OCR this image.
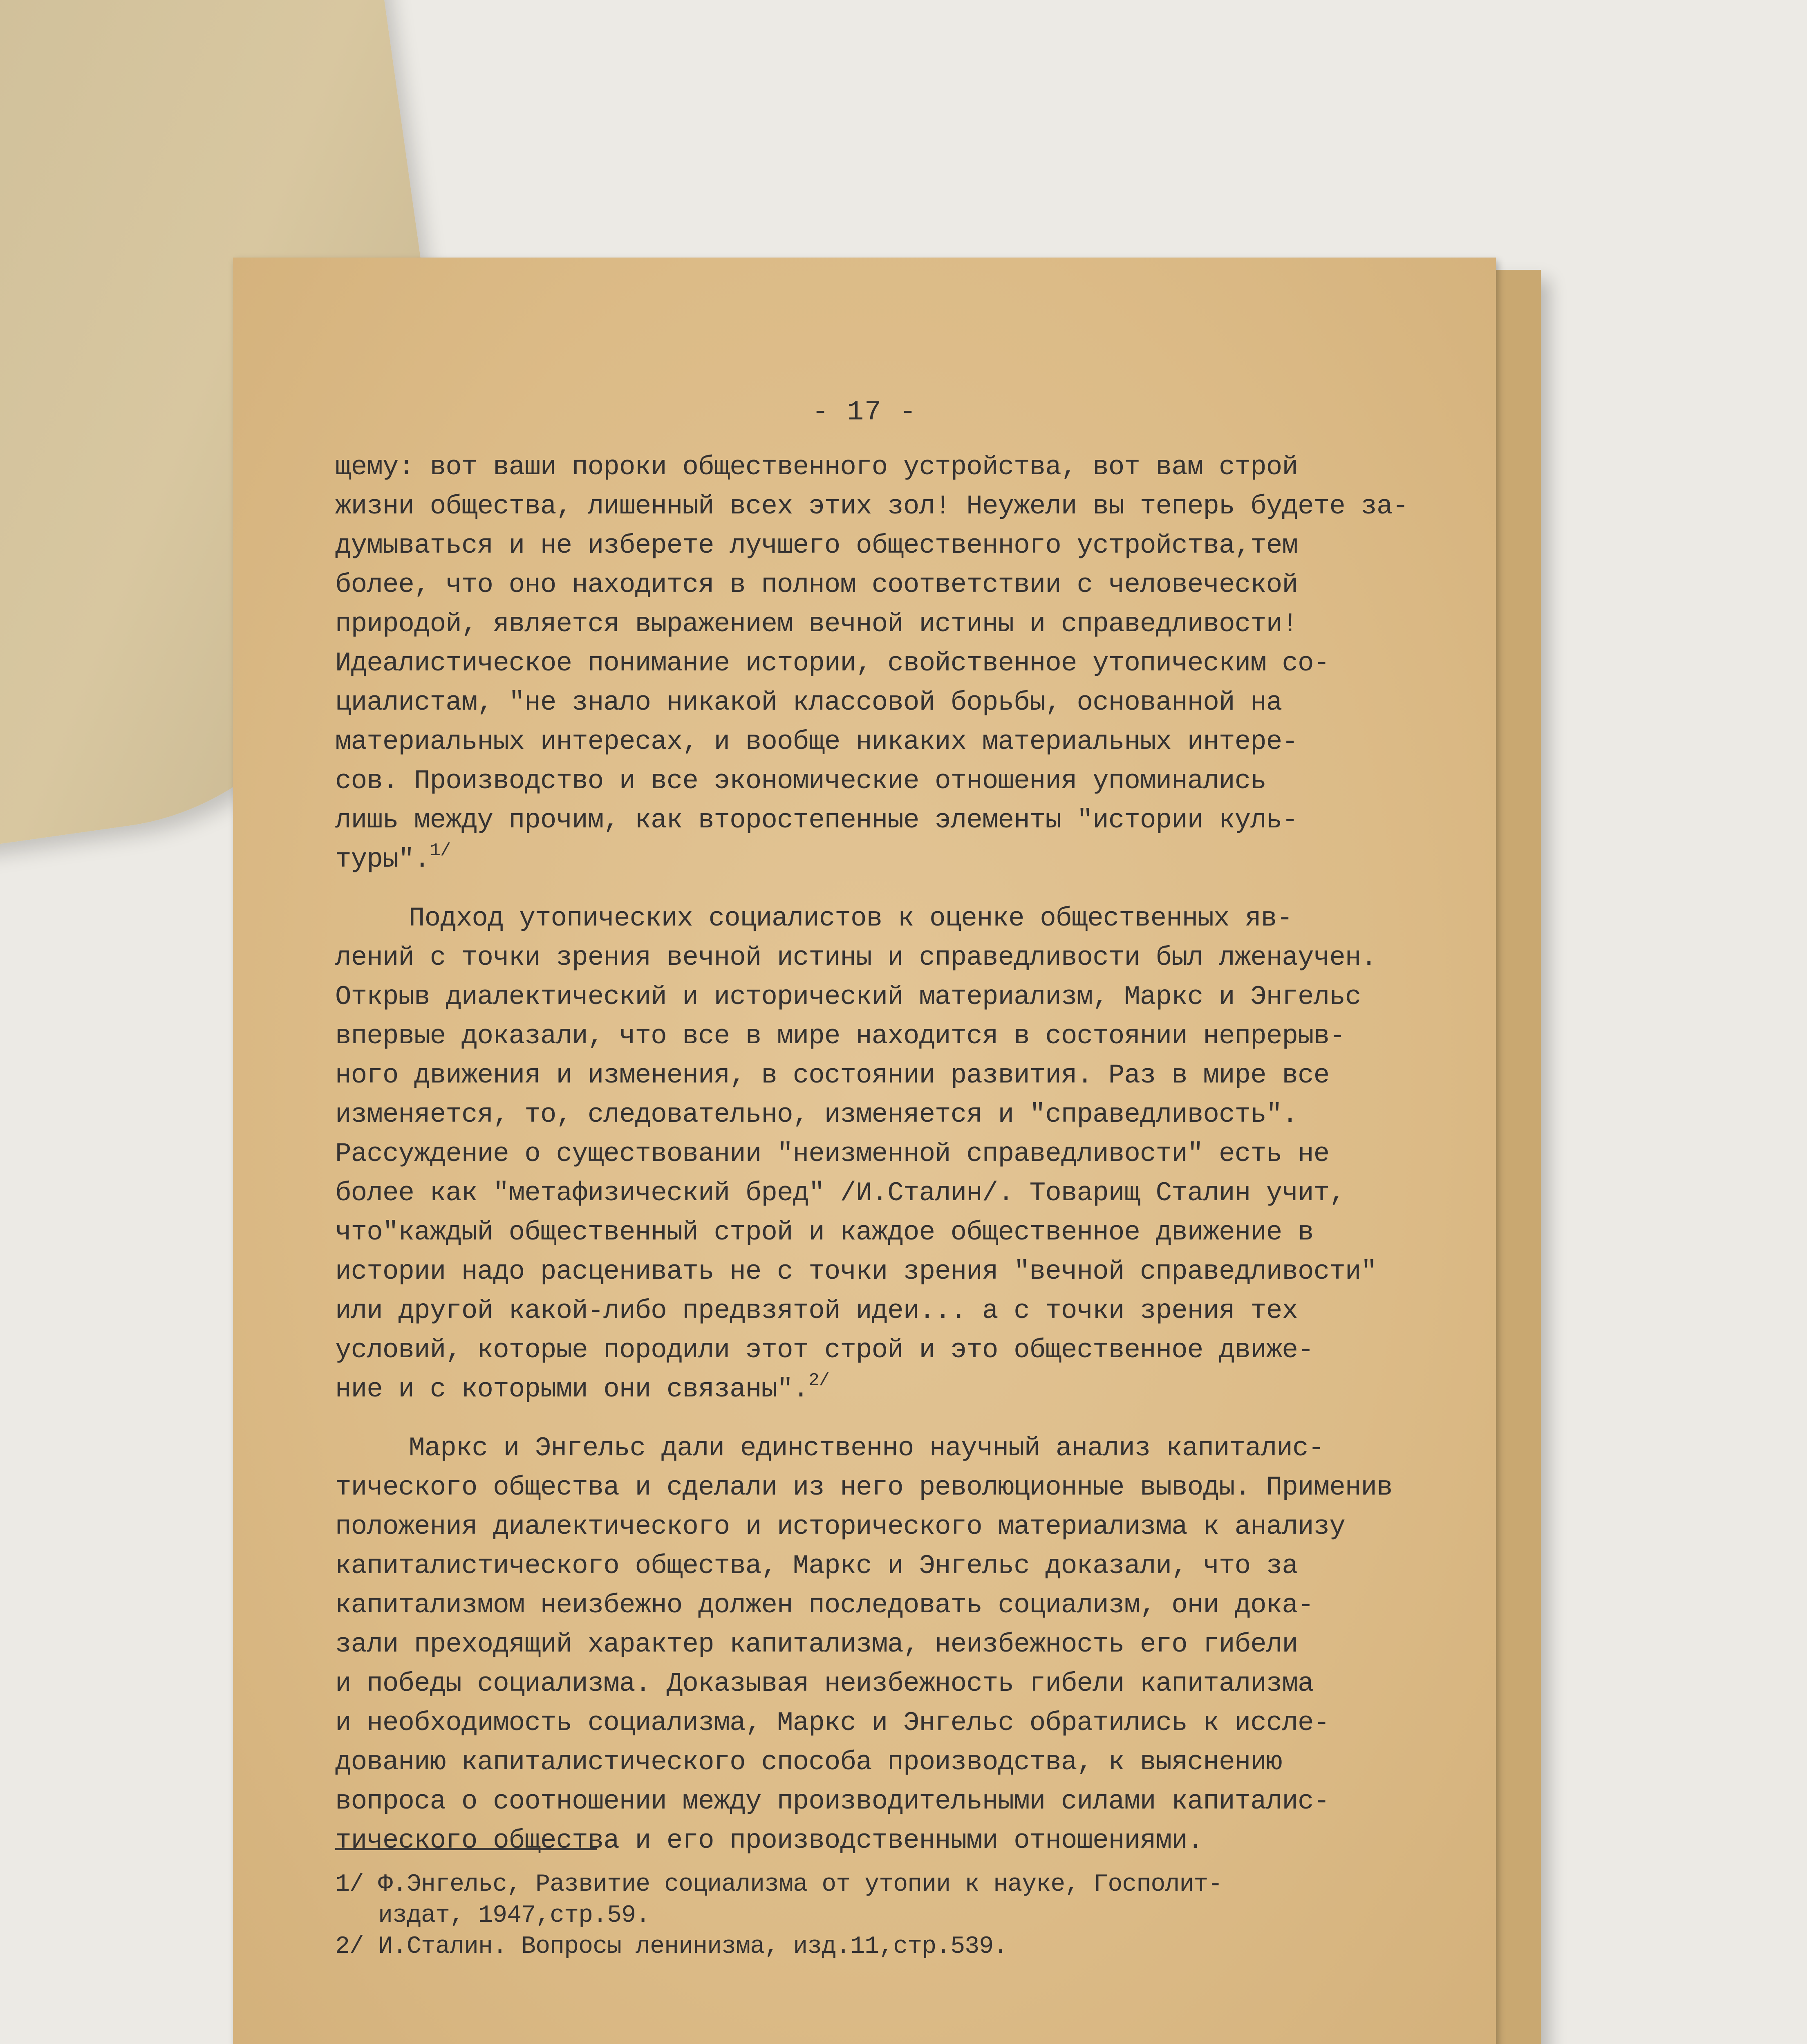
- 17 -
щему: вот ваши пороки общественного устройства, вот вам строй
жизни общества, лишенный всех этих зол! Неужели вы теперь будете за-
думываться и не изберете лучшего общественного устройства,тем
более, что оно находится в полном соответствии с человеческой
природой, является выражением вечной истины и справедливости!
Идеалистическое понимание истории, свойственное утопическим со-
циалистам, "не знало никакой классовой борьбы, основанной на
материальных интересах, и вообще никаких материальных интере-
сов. Производство и все экономические отношения упоминались
лишь между прочим, как второстепенные элементы "истории куль-
туры".$^{1/}$
Подход утопических социалистов к оценке общественных яв-
лений с точки зрения вечной истины и справедливости был лженаучен.
Открыв диалектический и исторический материализм, Маркс и Энгельс
впервые доказали, что все в мире находится в состоянии непрерыв-
ного движения и изменения, в состоянии развития. Раз в мире все
изменяется, то, следовательно, изменяется и "справедливость".
Рассуждение о существовании "неизменной справедливости" есть не
более как "метафизический бред" /И.Сталин/. Товарищ Сталин учит,
что"каждый общественный строй и каждое общественное движение в
истории надо расценивать не с точки зрения "вечной справедливости"
или другой какой-либо предвзятой идеи... а с точки зрения тех
условий, которые породили этот строй и это общественное движе-
ние и с которыми они связаны".$^{2/}$
Маркс и Энгельс дали единственно научный анализ капиталис-
тического общества и сделали из него революционные выводы. Применив
положения диалектического и исторического материализма к анализу
капиталистического общества, Маркс и Энгельс доказали, что за
капитализмом неизбежно должен последовать социализм, они дока-
зали преходящий характер капитализма, неизбежность его гибели
и победы социализма. Доказывая неизбежность гибели капитализма
и необходимость социализма, Маркс и Энгельс обратились к иссле-
дованию капиталистического способа производства, к выяснению
вопроса о соотношении между производительными силами капиталис-
тического общества и его производственными отношениями.
1/ Ф.Энгельс, Развитие социализма от утопии к науке, Госполит-
издат, 1947,стр.59.
2/ И.Сталин. Вопросы ленинизма, изд.11,стр.539.
